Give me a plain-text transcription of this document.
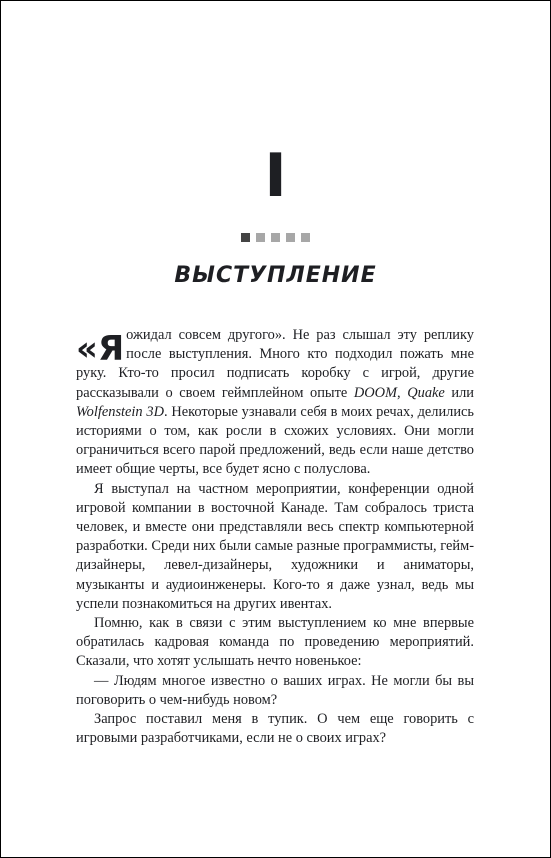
I
ВЫСТУПЛЕНИЕ

«Я ожидал совсем другого». Не раз слышал эту реплику после выступления. Много кто подходил пожать мне руку. Кто-то просил подписать коробку с игрой, другие рассказывали о своем геймплейном опыте DOOM, Quake или Wolfenstein 3D. Некоторые узнавали себя в моих речах, делились историями о том, как росли в схожих условиях. Они могли ограничиться всего парой предложений, ведь если наше детство имеет общие черты, все будет ясно с полуслова.

Я выступал на частном мероприятии, конференции одной игровой компании в восточной Канаде. Там собралось триста человек, и вместе они представляли весь спектр компьютерной разработки. Среди них были самые разные программисты, гейм-дизайнеры, левел-дизайнеры, художники и аниматоры, музыканты и аудиоинженеры. Кого-то я даже узнал, ведь мы успели познакомиться на других ивентах.

Помню, как в связи с этим выступлением ко мне впервые обратилась кадровая команда по проведению мероприятий. Сказали, что хотят услышать нечто новенькое:

— Людям многое известно о ваших играх. Не могли бы вы поговорить о чем-нибудь новом?

Запрос поставил меня в тупик. О чем еще говорить с игровыми разработчиками, если не о своих играх?
